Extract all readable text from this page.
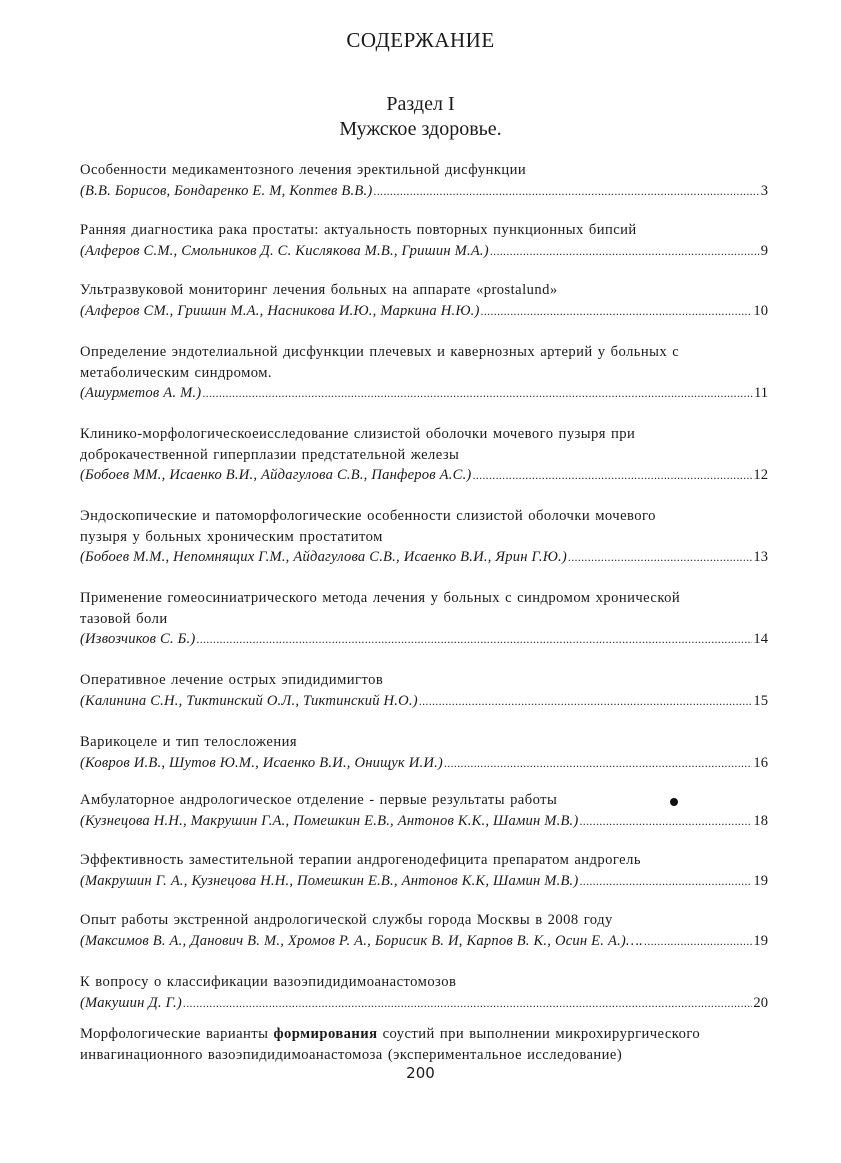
СОДЕРЖАНИЕ
Раздел I
Мужское здоровье.
Особенности медикаментозного лечения эректильной дисфункции
(В.В. Борисов, Бондаренко Е. М, Коптев В.В.) .....	3
Ранняя диагностика рака простаты: актуальность повторных пункционных бипсий
(Алферов С.М., Смольников Д. С. Кислякова М.В., Гришин М.А.) .....	9
Ультразвуковой мониторинг лечения больных на аппарате «prostalund»
(Алферов СМ., Гришин М.А., Насникова И.Ю., Маркина Н.Ю.) .....	10
Определение эндотелиальной дисфункции плечевых и кавернозных артерий у больных с
метаболическим синдромом.
(Ашурметов А. М.) .....	11
Клинико-морфологическоеисследование слизистой оболочки мочевого пузыря при
доброкачественной гиперплазии предстательной железы
(Бобоев ММ., Исаенко В.И., Айдагулова С.В., Панферов А.С.) .....	12
Эндоскопические и патоморфологические особенности слизистой оболочки мочевого
пузыря у больных хроническим простатитом
(Бобоев М.М., Непомнящих Г.М., Айдагулова С.В., Исаенко В.И., Ярин Г.Ю.) .....	13
Применение гомеосиниатрического метода лечения у больных с синдромом хронической
тазовой боли
(Извозчиков С. Б.) .....	14
Оперативное лечение острых эпидидимигтов
(Калинина С.Н., Тиктинский О.Л., Тиктинский Н.О.) .....	15
Варикоцеле и тип телосложения
(Ковров И.В., Шутов Ю.М., Исаенко В.И., Онищук И.И.) .....	16
Амбулаторное андрологическое отделение - первые результаты работы
(Кузнецова Н.Н., Макрушин Г.А., Помешкин Е.В., Антонов К.К., Шамин М.В.) .....	18
Эффективность заместительной терапии андрогенодефицита препаратом андрогель
(Макрушин Г. А., Кузнецова Н.Н., Помешкин Е.В., Антонов К.К, Шамин М.В.) .....	19
Опыт работы экстренной андрологической службы города Москвы в 2008 году
(Максимов В. А., Данович В. М., Хромов Р. А., Борисик В. И, Карпов В. К., Осин Е. А.)…. .....	19
К вопросу о классификации вазоэпидидимоанастомозов
(Макушин Д. Г.) .....	20
Морфологические варианты формирования соустий при выполнении микрохирургического
инвагинационного вазоэпидидимоанастомоза (экспериментальное исследование)
200
